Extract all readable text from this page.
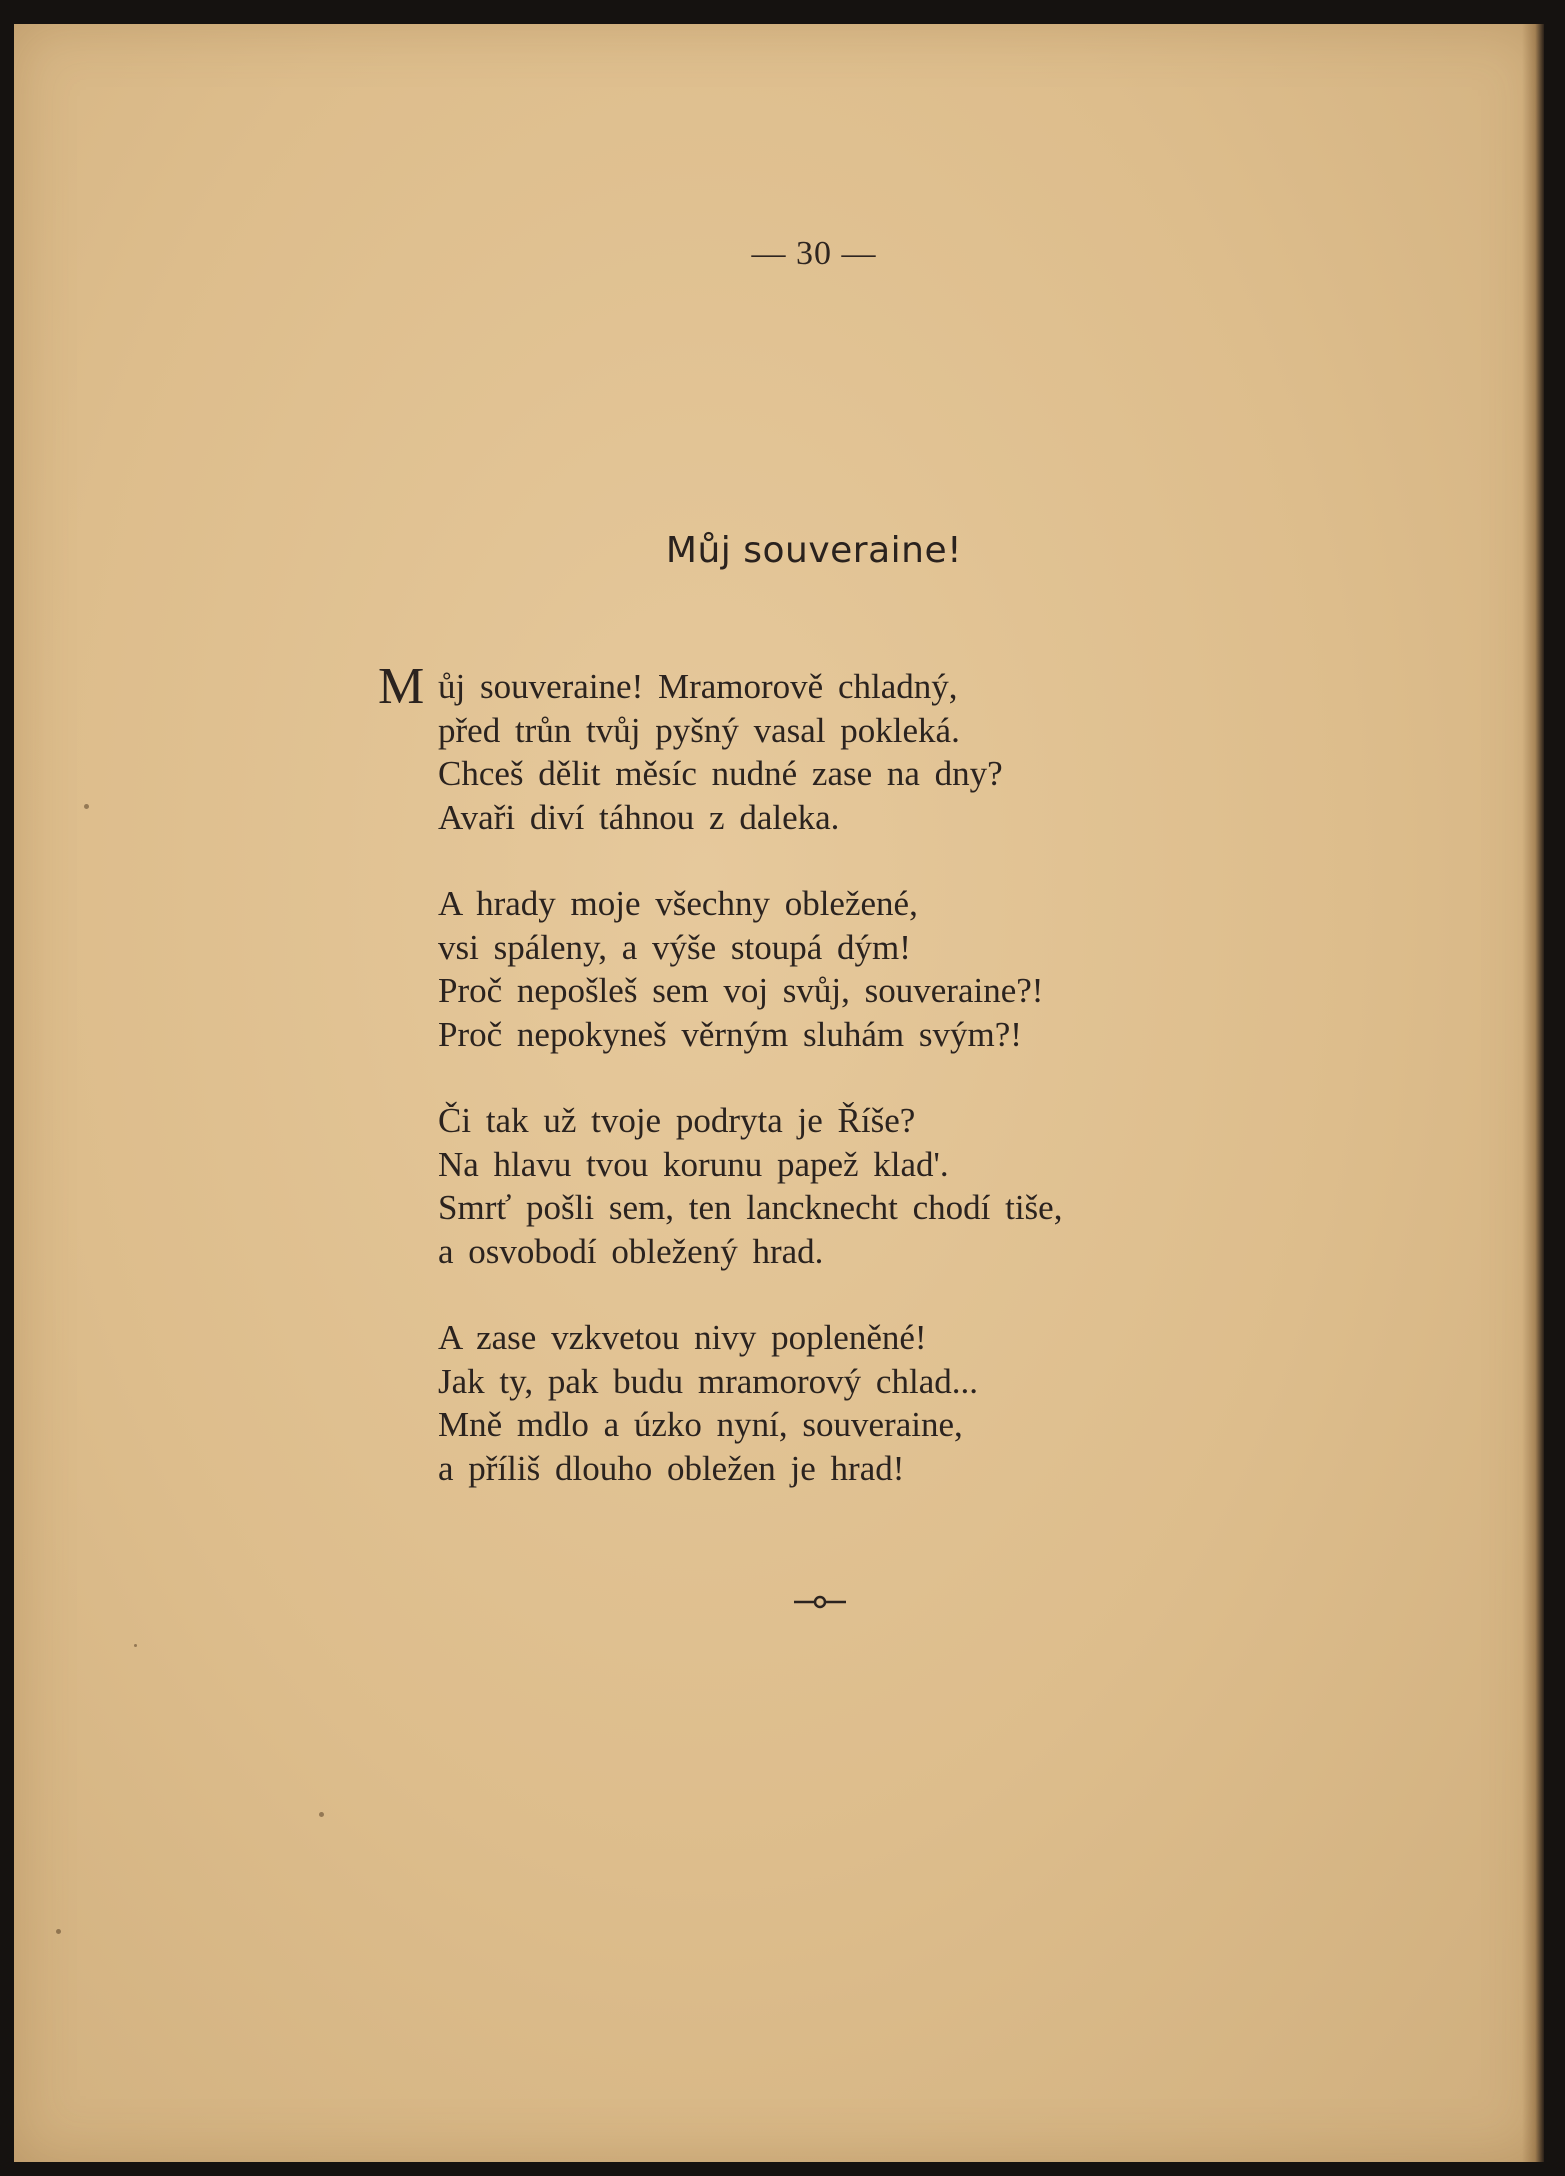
— 30 —
Můj souveraine!
M ůj souveraine! Mramorově chladný,
před trůn tvůj pyšný vasal pokleká.
Chceš dělit měsíc nudné zase na dny?
Avaři diví táhnou z daleka.
A hrady moje všechny obležené,
vsi spáleny, a výše stoupá dým!
Proč nepošleš sem voj svůj, souveraine?!
Proč nepokyneš věrným sluhám svým?!
Či tak už tvoje podryta je Říše?
Na hlavu tvou korunu papež klad'.
Smrť pošli sem, ten lancknecht chodí tiše,
a osvobodí obležený hrad.
A zase vzkvetou nivy popleněné!
Jak ty, pak budu mramorový chlad...
Mně mdlo a úzko nyní, souveraine,
a příliš dlouho obležen je hrad!
